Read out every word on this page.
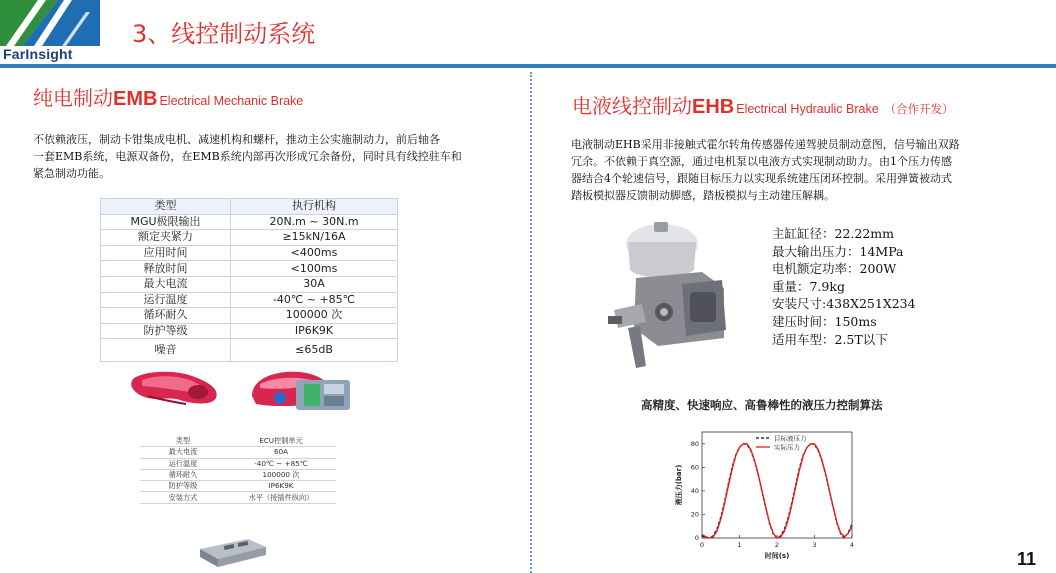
FarInsight
3、线控制动系统
纯电制动EMB Electrical Mechanic Brake
不依赖液压，制动卡钳集成电机、减速机构和螺杆，推动主公实施制动力，前后轴各
一套EMB系统，电源双备份，在EMB系统内部再次形成冗余备份，同时具有线控驻车和
紧急制动功能。
类型	执行机构
MGU极限输出	20N.m ~ 30N.m
额定夹紧力	≥15kN/16A
应用时间	<400ms
释放时间	<100ms
最大电流	30A
运行温度	-40℃ ~ +85℃
循环耐久	100000 次
防护等级	IP6K9K
噪音	≤65dB
类型	ECU控制单元
最大电流	60A
运行温度	-40℃ ~ +85℃
循环耐久	100000 次
防护等级	IP6K9K
安装方式	水平（接插件纵向）
电液线控制动EHB Electrical Hydraulic Brake （合作开发）
电液制动EHB采用非接触式霍尔转角传感器传递驾驶员制动意图，信号输出双路
冗余。不依赖于真空源，通过电机泵以电液方式实现制动助力。由1个压力传感
器结合4个轮速信号，跟随目标压力以实现系统建压闭环控制。采用弹簧被动式
踏板模拟器反馈制动脚感，踏板模拟与主动建压解耦。
主缸缸径：22.22mm
最大输出压力：14MPa
电机额定功率：200W
重量：7.9kg
安装尺寸:438X251X234
建压时间：150ms
适用车型：2.5T以下
高精度、快速响应、高鲁棒性的液压力控制算法
0	1	2	3	4
0
20
40
60
80
时间(s)
液压力(bar)
目标液压力
实际压力
11
